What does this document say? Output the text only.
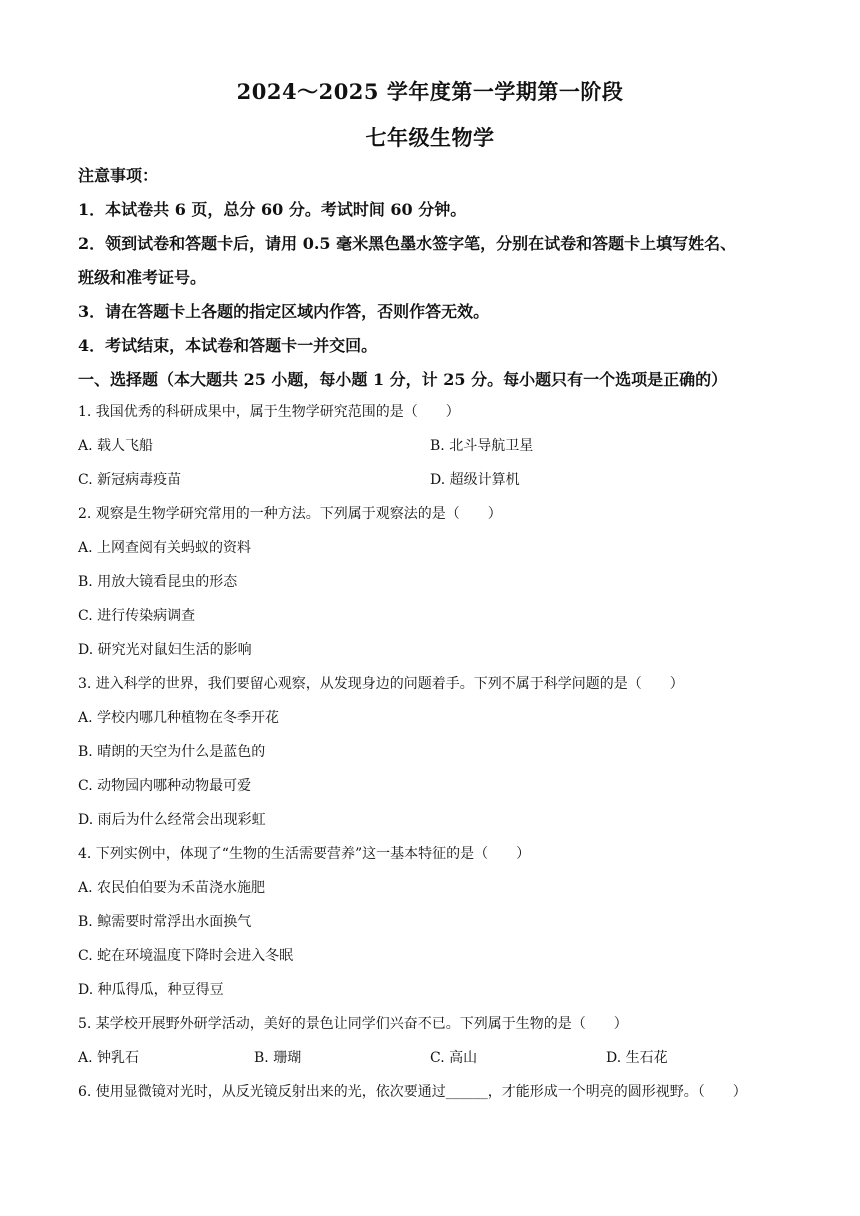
2024～2025 学年度第一学期第一阶段
七年级生物学
注意事项：
1．本试卷共 6 页，总分 60 分。考试时间 60 分钟。
2．领到试卷和答题卡后，请用 0.5 毫米黑色墨水签字笔，分别在试卷和答题卡上填写姓名、
班级和准考证号。
3．请在答题卡上各题的指定区域内作答，否则作答无效。
4．考试结束，本试卷和答题卡一并交回。
一、选择题（本大题共 25 小题，每小题 1 分，计 25 分。每小题只有一个选项是正确的）
1. 我国优秀的科研成果中，属于生物学研究范围的是（　　）
A. 载人飞船	B. 北斗导航卫星
C. 新冠病毒疫苗	D. 超级计算机
2. 观察是生物学研究常用的一种方法。下列属于观察法的是（　　）
A. 上网查阅有关蚂蚁的资料
B. 用放大镜看昆虫的形态
C. 进行传染病调查
D. 研究光对鼠妇生活的影响
3. 进入科学的世界，我们要留心观察，从发现身边的问题着手。下列不属于科学问题的是（　　）
A. 学校内哪几种植物在冬季开花
B. 晴朗的天空为什么是蓝色的
C. 动物园内哪种动物最可爱
D. 雨后为什么经常会出现彩虹
4. 下列实例中，体现了“生物的生活需要营养”这一基本特征的是（　　）
A. 农民伯伯要为禾苗浇水施肥
B. 鲸需要时常浮出水面换气
C. 蛇在环境温度下降时会进入冬眠
D. 种瓜得瓜，种豆得豆
5. 某学校开展野外研学活动，美好的景色让同学们兴奋不已。下列属于生物的是（　　）
A. 钟乳石	B. 珊瑚	C. 高山	D. 生石花
6. 使用显微镜对光时，从反光镜反射出来的光，依次要通过______，才能形成一个明亮的圆形视野。（　　）
